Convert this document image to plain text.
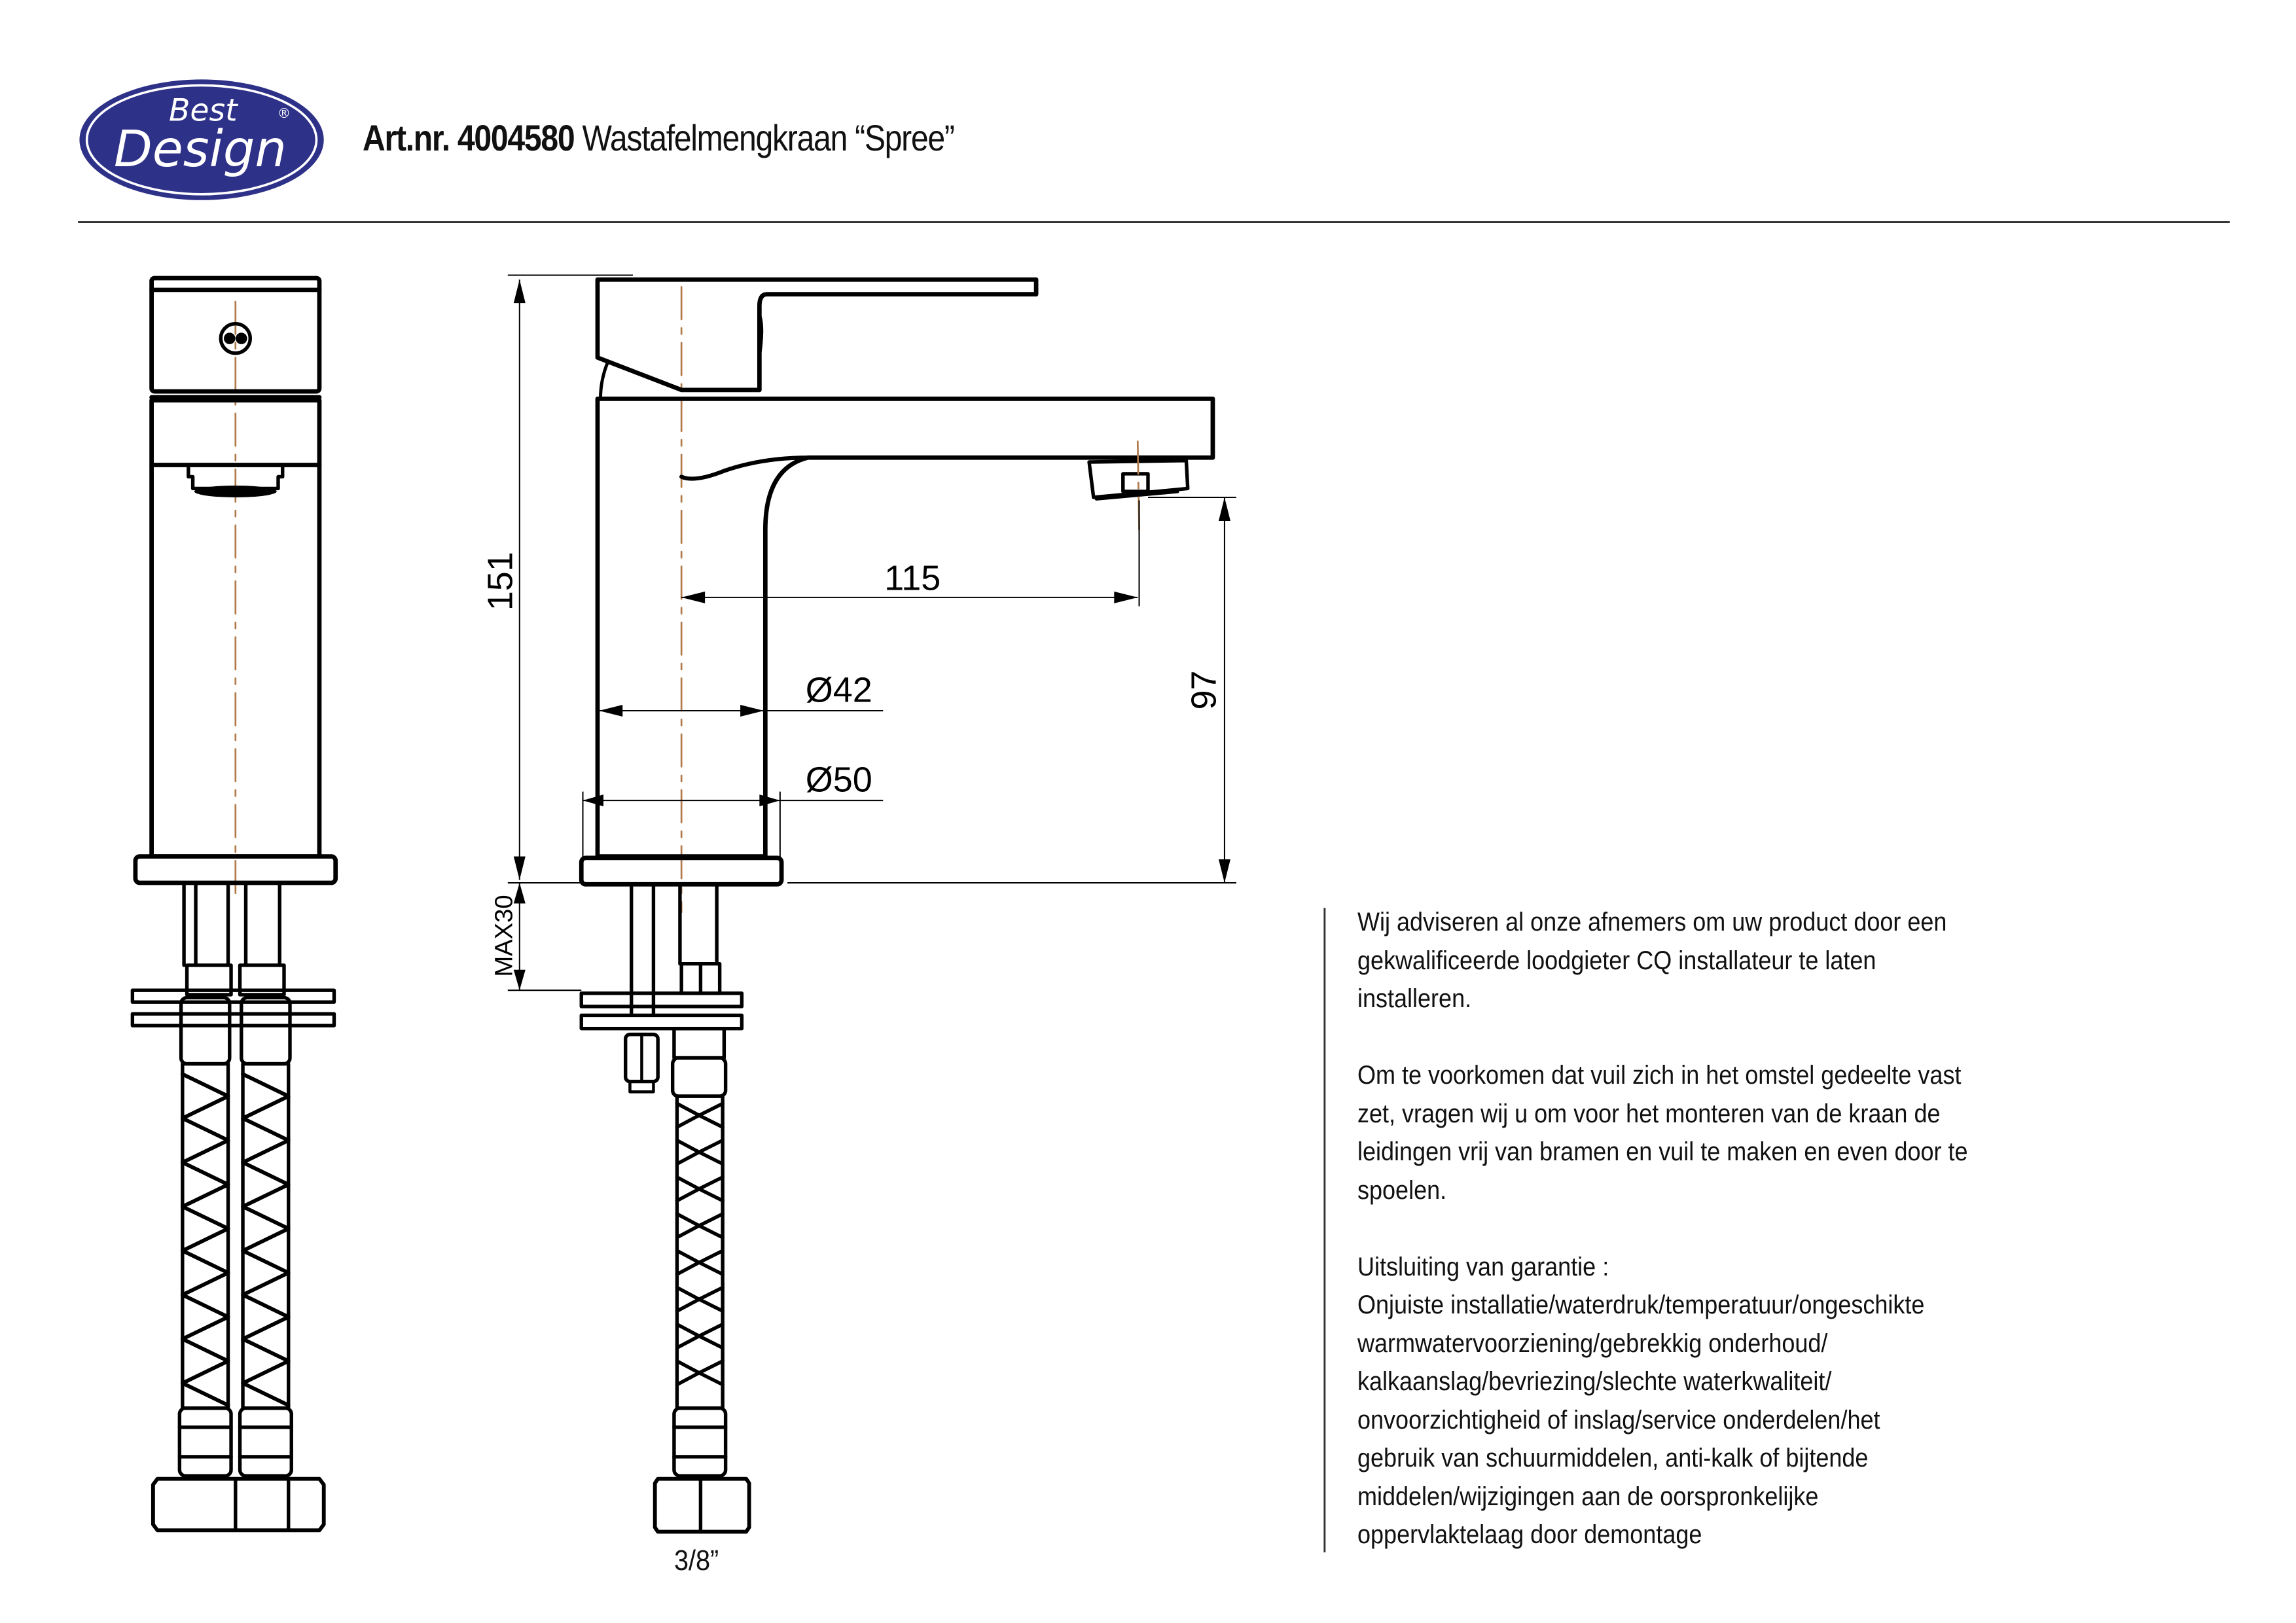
Best
Design
®
151
MAX30
115
Ø42
Ø50
97
Art.nr. 4004580 Wastafelmengkraan “Spree”
3/8”

Wij adviseren al onze afnemers om uw product door een
gekwalificeerde loodgieter CQ installateur te laten
installeren.

Om te voorkomen dat vuil zich in het omstel gedeelte vast
zet, vragen wij u om voor het monteren van de kraan de
leidingen vrij van bramen en vuil te maken en even door te
spoelen.

Uitsluiting van garantie :
Onjuiste installatie/waterdruk/temperatuur/ongeschikte
warmwatervoorziening/gebrekkig onderhoud/
kalkaanslag/bevriezing/slechte waterkwaliteit/
onvoorzichtigheid of inslag/service onderdelen/het
gebruik van schuurmiddelen, anti-kalk of bijtende
middelen/wijzigingen aan de oorspronkelijke
oppervlaktelaag door demontage
